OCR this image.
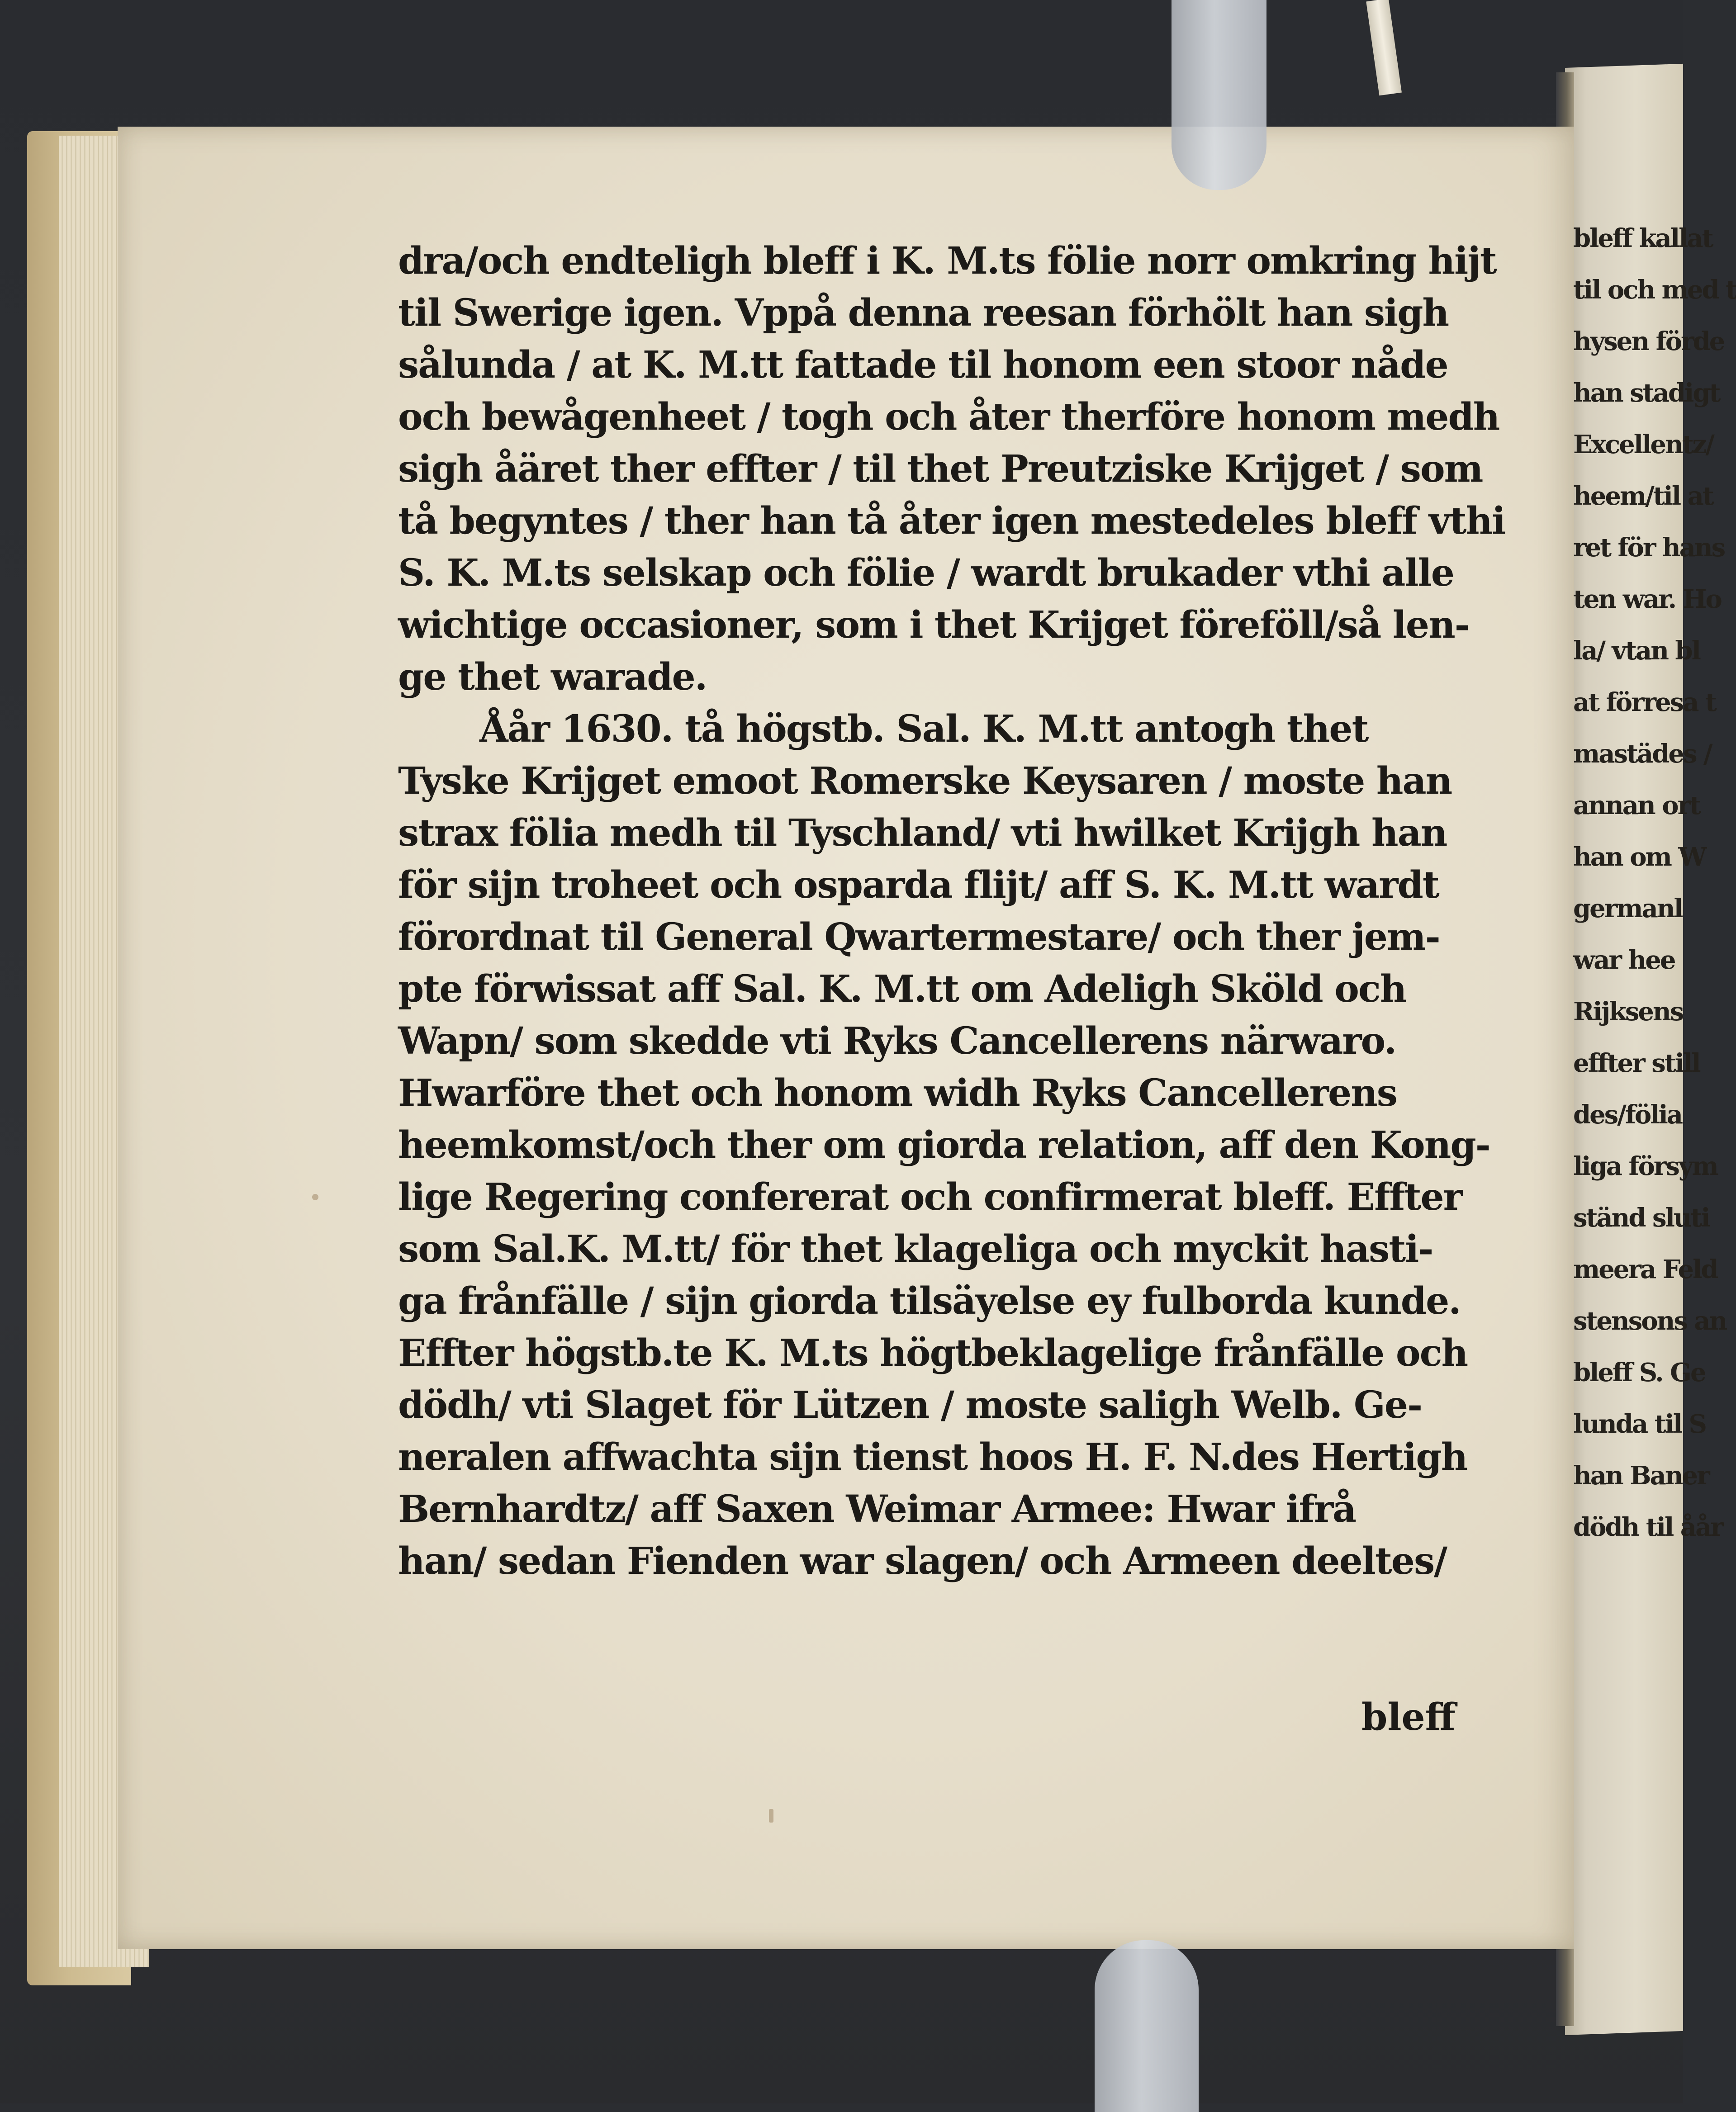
dra/och endteligh bleff i K. M.ts fölie norr omkring hijt
til Swerige igen. Vppå denna reesan förhölt han sigh
sålunda / at K. M.tt fattade til honom een stoor nåde
och bewågenheet / togh och åter therföre honom medh
sigh åäret ther effter / til thet Preutziske Krijget / som
tå begyntes / ther han tå åter igen mestedeles bleff vthi
S. K. M.ts selskap och fölie / wardt brukader vthi alle
wichtige occasioner, som i thet Krijget föreföll/så len-
ge thet warade.
Åår 1630. tå högstb. Sal. K. M.tt antogh thet
Tyske Krijget emoot Romerske Keysaren / moste han
strax fölia medh til Tyschland/ vti hwilket Krijgh han
för sijn troheet och osparda flijt/ aff S. K. M.tt wardt
förordnat til General Qwartermestare/ och ther jem-
pte förwissat aff Sal. K. M.tt om Adeligh Sköld och
Wapn/ som skedde vti Ryks Cancellerens närwaro.
Hwarföre thet och honom widh Ryks Cancellerens
heemkomst/och ther om giorda relation, aff den Kong-
lige Regering confererat och confirmerat bleff. Effter
som Sal.K. M.tt/ för thet klageliga och myckit hasti-
ga frånfälle / sijn giorda tilsäyelse ey fulborda kunde.
Effter högstb.te K. M.ts högtbeklagelige frånfälle och
dödh/ vti Slaget för Lützen / moste saligh Welb. Ge-
neralen affwachta sijn tienst hoos H. F. N.des Hertigh
Bernhardtz/ aff Saxen Weimar Armee: Hwar ifrå
han/ sedan Fienden war slagen/ och Armeen deeltes/
bleff
bleff kallat
til och med t
hysen förde
han stadigt
Excellentz/
heem/til at
ret för hans
ten war. Ho
la/ vtan bl
at förresa t
mastädes /
annan ort
han om W
germanl
war hee
Rijksens
effter still
des/fölia
liga försym
ständ sluti
meera Feld
stensons an
bleff S. Ge
lunda til S
han Baner
dödh til åår
